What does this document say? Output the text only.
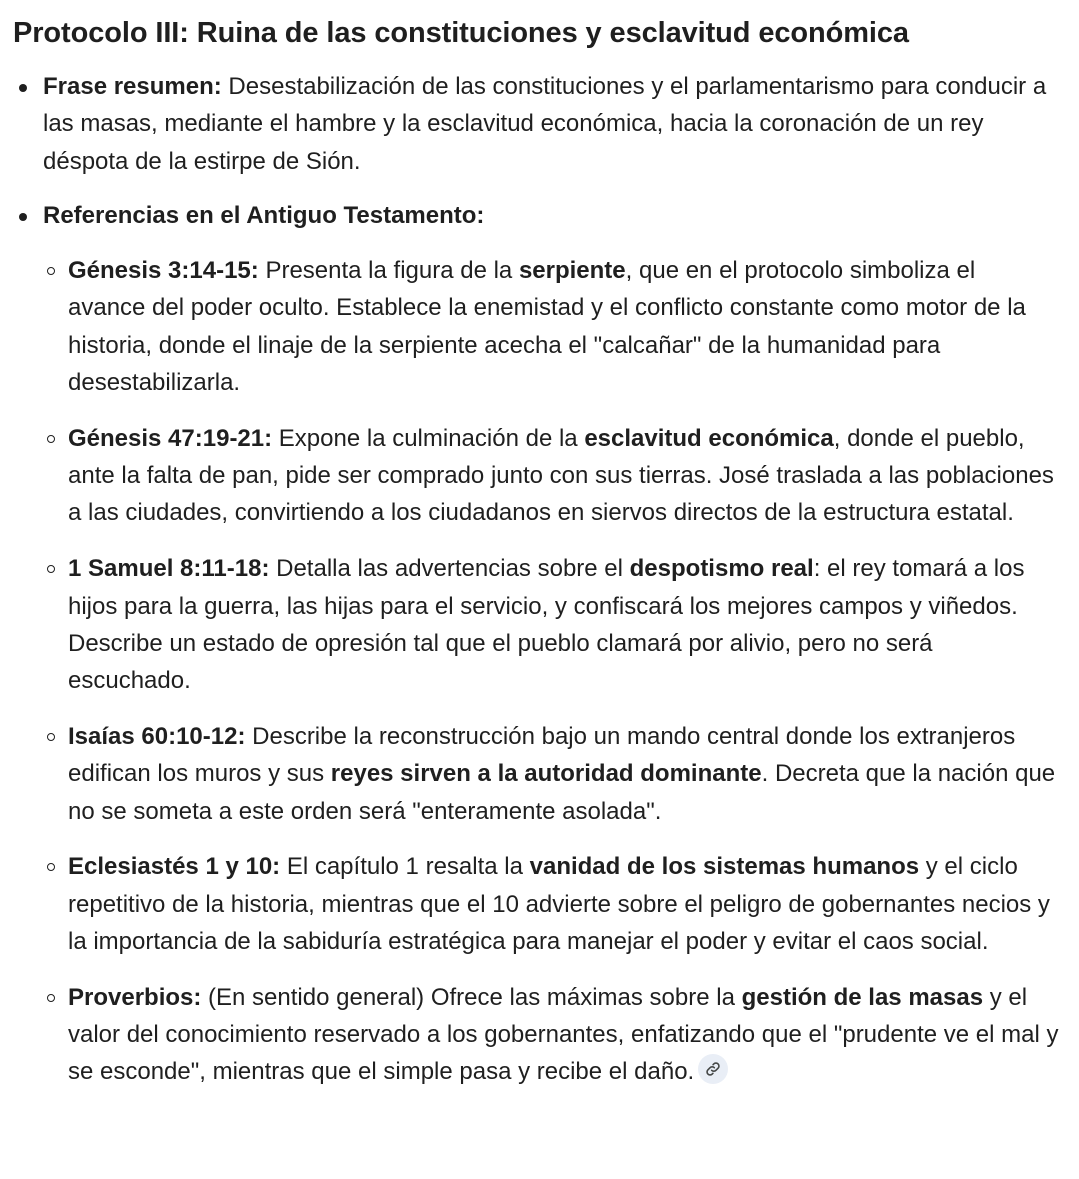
Protocolo III: Ruina de las constituciones y esclavitud económica
Frase resumen: Desestabilización de las constituciones y el parlamentarismo para conducir a las masas, mediante el hambre y la esclavitud económica, hacia la coronación de un rey déspota de la estirpe de Sión.
Referencias en el Antiguo Testamento:
Génesis 3:14-15: Presenta la figura de la serpiente, que en el protocolo simboliza el avance del poder oculto. Establece la enemistad y el conflicto constante como motor de la historia, donde el linaje de la serpiente acecha el "calcañar" de la humanidad para desestabilizarla.
Génesis 47:19-21: Expone la culminación de la esclavitud económica, donde el pueblo, ante la falta de pan, pide ser comprado junto con sus tierras. José traslada a las poblaciones a las ciudades, convirtiendo a los ciudadanos en siervos directos de la estructura estatal.
1 Samuel 8:11-18: Detalla las advertencias sobre el despotismo real: el rey tomará a los hijos para la guerra, las hijas para el servicio, y confiscará los mejores campos y viñedos. Describe un estado de opresión tal que el pueblo clamará por alivio, pero no será escuchado.
Isaías 60:10-12: Describe la reconstrucción bajo un mando central donde los extranjeros edifican los muros y sus reyes sirven a la autoridad dominante. Decreta que la nación que no se someta a este orden será "enteramente asolada".
Eclesiastés 1 y 10: El capítulo 1 resalta la vanidad de los sistemas humanos y el ciclo repetitivo de la historia, mientras que el 10 advierte sobre el peligro de gobernantes necios y la importancia de la sabiduría estratégica para manejar el poder y evitar el caos social.
Proverbios: (En sentido general) Ofrece las máximas sobre la gestión de las masas y el valor del conocimiento reservado a los gobernantes, enfatizando que el "prudente ve el mal y se esconde", mientras que el simple pasa y recibe el daño.
